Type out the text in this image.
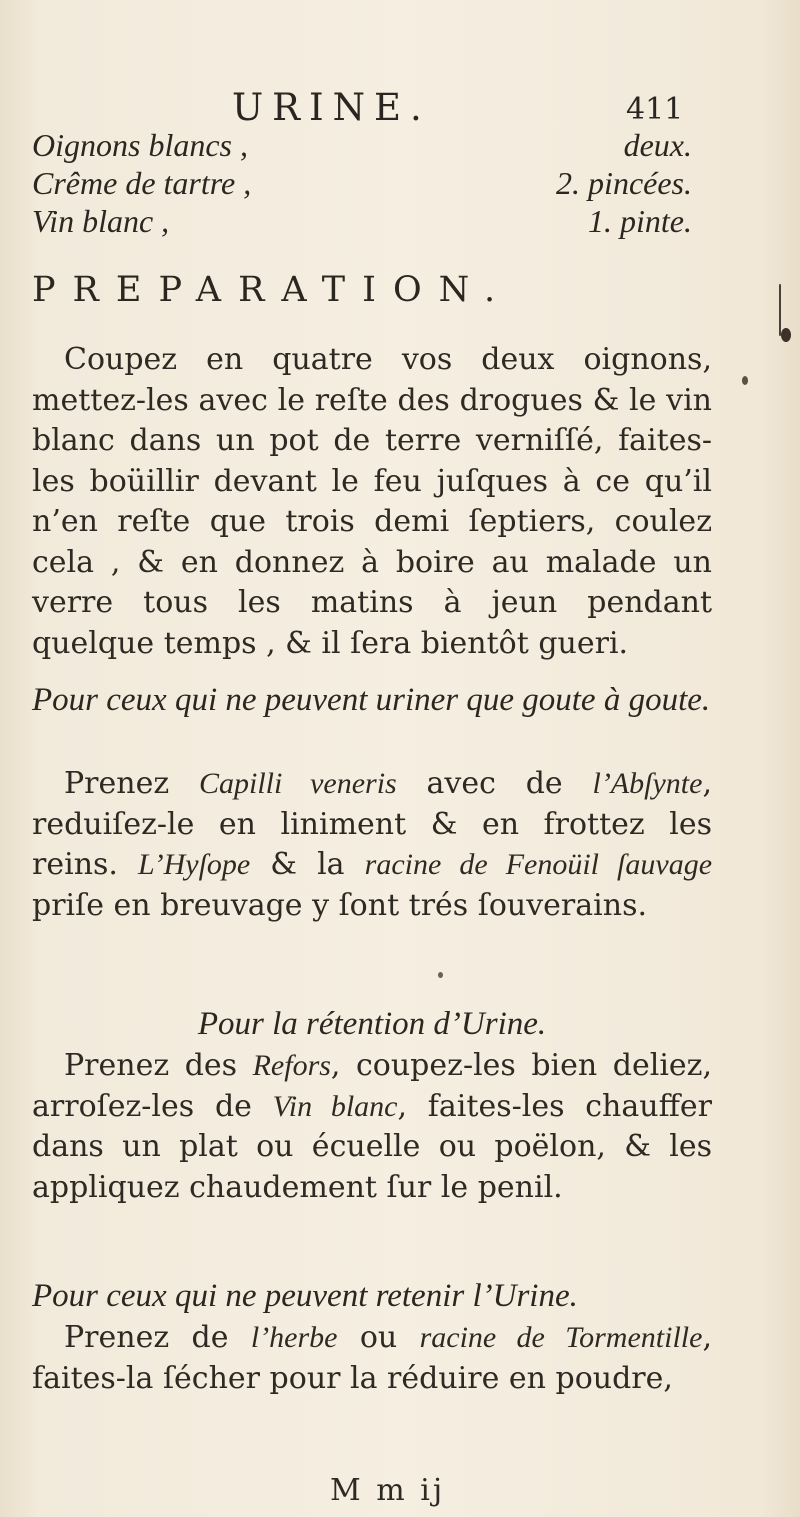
URINE.	411
Oignons blancs ,	deux.
Crême de tartre ,	2. pincées.
Vin blanc ,	1. pinte.
PREPARATION.
Coupez en quatre vos deux oignons, mettez-les avec le reſte des drogues & le vin blanc dans un pot de terre verniſſé, faites-les boüillir devant le feu juſques à ce qu’il n’en reſte que trois demi ſeptiers, coulez cela , & en donnez à boire au malade un verre tous les matins à jeun pendant quelque temps , & il ſera bientôt gueri.
Pour ceux qui ne peuvent uriner que goute à goute.
Prenez Capilli veneris avec de l’Abſynte, reduiſez-le en liniment & en frottez les reins. L’Hyſope & la racine de Fenoüil ſauvage priſe en breuvage y ſont trés ſouverains.
Pour la rétention d’Urine.
Prenez des Refors, coupez-les bien deliez, arroſez-les de Vin blanc, faites-les chauffer dans un plat ou écuelle ou poëlon, & les appliquez chaudement ſur le penil.
Pour ceux qui ne peuvent retenir l’Urine.
Prenez de l’herbe ou racine de Tormentille, faites-la ſécher pour la réduire en poudre,
M m ij
